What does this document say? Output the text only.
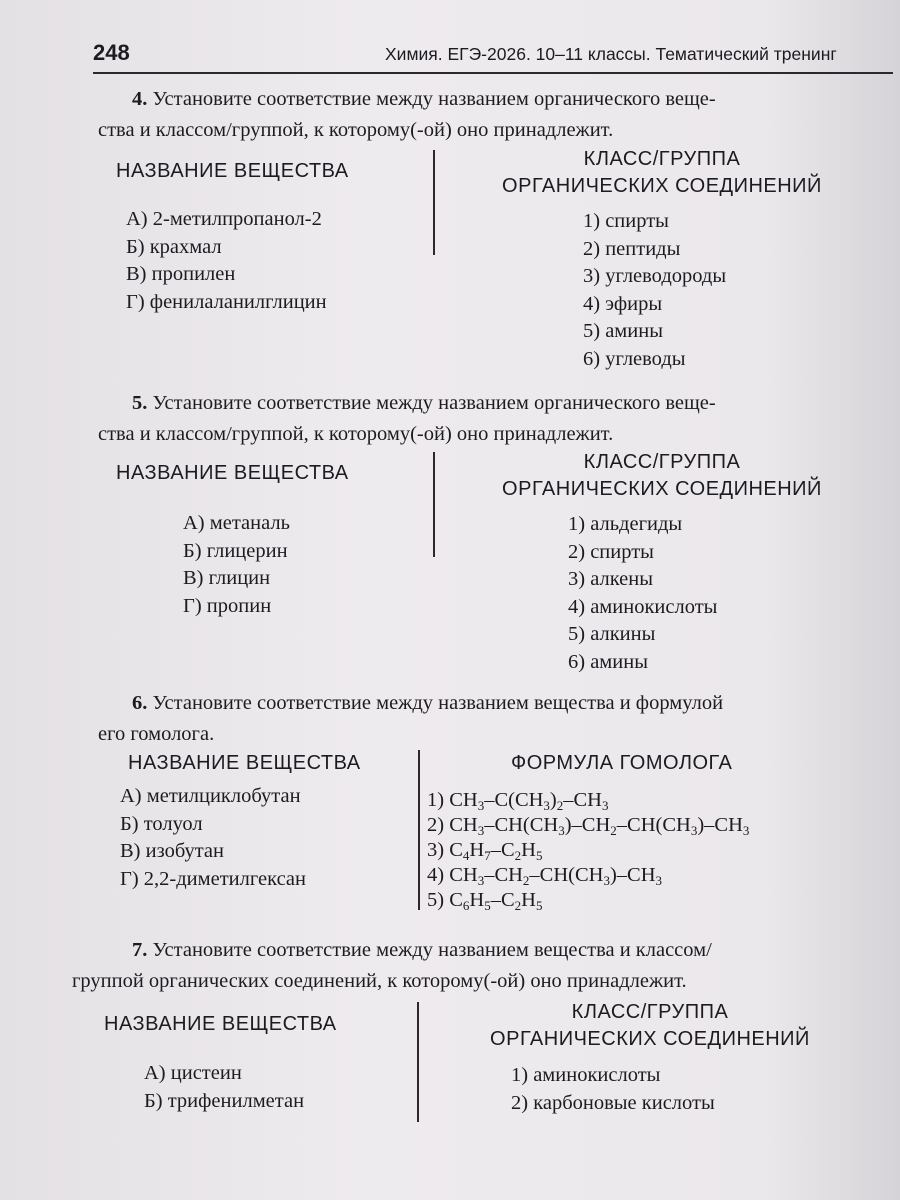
248	Химия. ЕГЭ-2026. 10–11 классы. Тематический тренинг
4. Установите соответствие между названием органического веще-
ства и классом/группой, к которому(-ой) оно принадлежит.
НАЗВАНИЕ ВЕЩЕСТВА
КЛАСС/ГРУППА
ОРГАНИЧЕСКИХ СОЕДИНЕНИЙ
А) 2-метилпропанол-2
Б) крахмал
В) пропилен
Г) фенилаланилглицин
1) спирты
2) пептиды
3) углеводороды
4) эфиры
5) амины
6) углеводы
5. Установите соответствие между названием органического веще-
ства и классом/группой, к которому(-ой) оно принадлежит.
НАЗВАНИЕ ВЕЩЕСТВА	КЛАСС/ГРУППА
ОРГАНИЧЕСКИХ СОЕДИНЕНИЙ
А) метаналь
Б) глицерин
В) глицин
Г) пропин
1) альдегиды
2) спирты
3) алкены
4) аминокислоты
5) алкины
6) амины
6. Установите соответствие между названием вещества и формулой
его гомолога.
НАЗВАНИЕ ВЕЩЕСТВА	ФОРМУЛА ГОМОЛОГА
А) метилциклобутан
Б) толуол
В) изобутан
Г) 2,2-диметилгексан
1) $CH_3-C(CH_3)_2-CH_3$
2) $CH_3-CH(CH_3)-CH_2-CH(CH_3)-CH_3$
3) $C_4H_7-C_2H_5$
4) $CH_3-CH_2-CH(CH_3)-CH_3$
5) $C_6H_5-C_2H_5$
7. Установите соответствие между названием вещества и классом/
группой органических соединений, к которому(-ой) оно принадлежит.
НАЗВАНИЕ ВЕЩЕСТВА
КЛАСС/ГРУППА
ОРГАНИЧЕСКИХ СОЕДИНЕНИЙ
А) цистеин
Б) трифенилметан
1) аминокислоты
2) карбоновые кислоты
